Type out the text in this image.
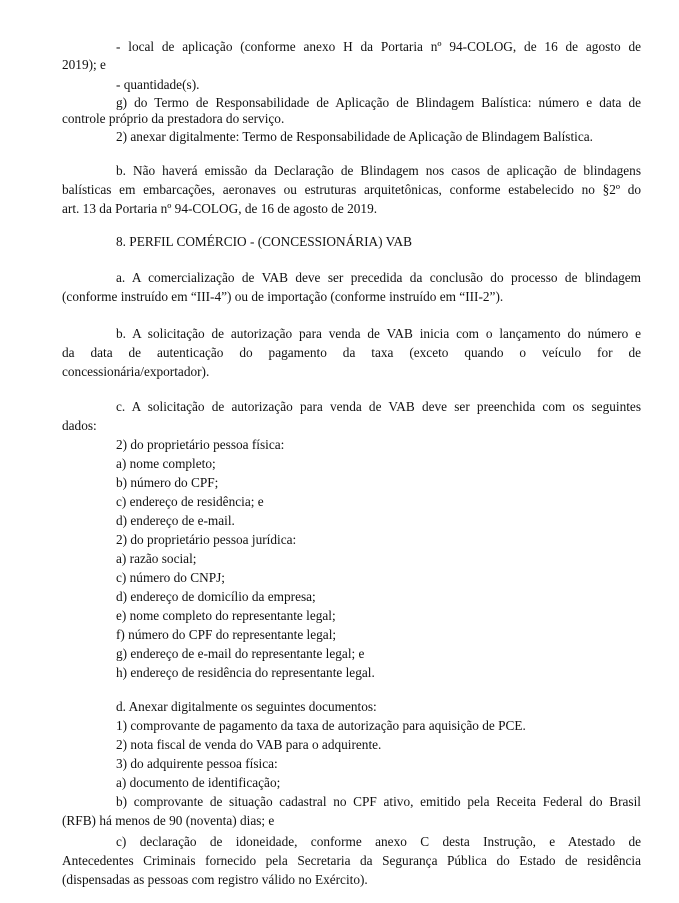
- local de aplicação (conforme anexo H da Portaria nº 94-COLOG, de 16 de agosto de
2019); e
- quantidade(s).
g) do Termo de Responsabilidade de Aplicação de Blindagem Balística: número e data de
controle próprio da prestadora do serviço.
2) anexar digitalmente: Termo de Responsabilidade de Aplicação de Blindagem Balística.
b. Não haverá emissão da Declaração de Blindagem nos casos de aplicação de blindagens
balísticas em embarcações, aeronaves ou estruturas arquitetônicas, conforme estabelecido no §2º do
art. 13 da Portaria nº 94-COLOG, de 16 de agosto de 2019.
8. PERFIL COMÉRCIO - (CONCESSIONÁRIA) VAB
a. A comercialização de VAB deve ser precedida da conclusão do processo de blindagem
(conforme instruído em “III-4”) ou de importação (conforme instruído em “III-2”).
b. A solicitação de autorização para venda de VAB inicia com o lançamento do número e
da data de autenticação do pagamento da taxa (exceto quando o veículo for de
concessionária/exportador).
c. A solicitação de autorização para venda de VAB deve ser preenchida com os seguintes
dados:
2) do proprietário pessoa física:
a) nome completo;
b) número do CPF;
c) endereço de residência; e
d) endereço de e-mail.
2) do proprietário pessoa jurídica:
a) razão social;
c) número do CNPJ;
d) endereço de domicílio da empresa;
e) nome completo do representante legal;
f) número do CPF do representante legal;
g) endereço de e-mail do representante legal; e
h) endereço de residência do representante legal.
d. Anexar digitalmente os seguintes documentos:
1) comprovante de pagamento da taxa de autorização para aquisição de PCE.
2) nota fiscal de venda do VAB para o adquirente.
3) do adquirente pessoa física:
a) documento de identificação;
b) comprovante de situação cadastral no CPF ativo, emitido pela Receita Federal do Brasil
(RFB) há menos de 90 (noventa) dias; e
c) declaração de idoneidade, conforme anexo C desta Instrução, e Atestado de
Antecedentes Criminais fornecido pela Secretaria da Segurança Pública do Estado de residência
(dispensadas as pessoas com registro válido no Exército).
